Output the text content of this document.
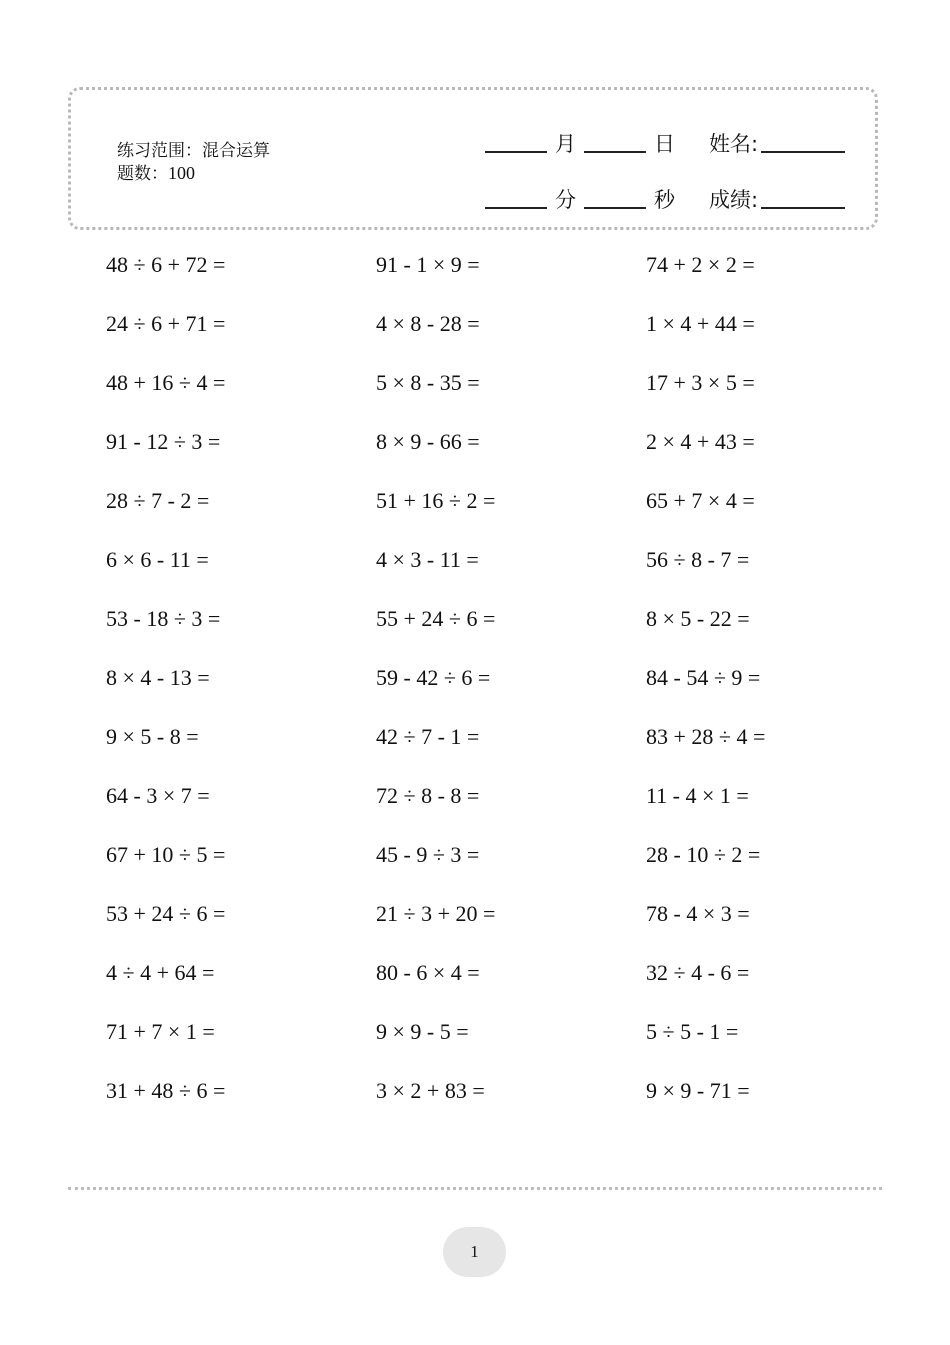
练习范围：混合运算
题数：100
月	日 姓名:
分	秒 成绩:
48 ÷ 6 + 72 =	91 - 1 × 9 =	74 + 2 × 2 =
24 ÷ 6 + 71 =	4 × 8 - 28 =	1 × 4 + 44 =
48 + 16 ÷ 4 =	5 × 8 - 35 =	17 + 3 × 5 =
91 - 12 ÷ 3 =	8 × 9 - 66 =	2 × 4 + 43 =
28 ÷ 7 - 2 =	51 + 16 ÷ 2 =	65 + 7 × 4 =
6 × 6 - 11 =	4 × 3 - 11 =	56 ÷ 8 - 7 =
53 - 18 ÷ 3 =	55 + 24 ÷ 6 =	8 × 5 - 22 =
8 × 4 - 13 =	59 - 42 ÷ 6 =	84 - 54 ÷ 9 =
9 × 5 - 8 =	42 ÷ 7 - 1 =	83 + 28 ÷ 4 =
64 - 3 × 7 =	72 ÷ 8 - 8 =	11 - 4 × 1 =
67 + 10 ÷ 5 =	45 - 9 ÷ 3 =	28 - 10 ÷ 2 =
53 + 24 ÷ 6 =	21 ÷ 3 + 20 =	78 - 4 × 3 =
4 ÷ 4 + 64 =	80 - 6 × 4 =	32 ÷ 4 - 6 =
71 + 7 × 1 =	9 × 9 - 5 =	5 ÷ 5 - 1 =
31 + 48 ÷ 6 =	3 × 2 + 83 =	9 × 9 - 71 =
1
